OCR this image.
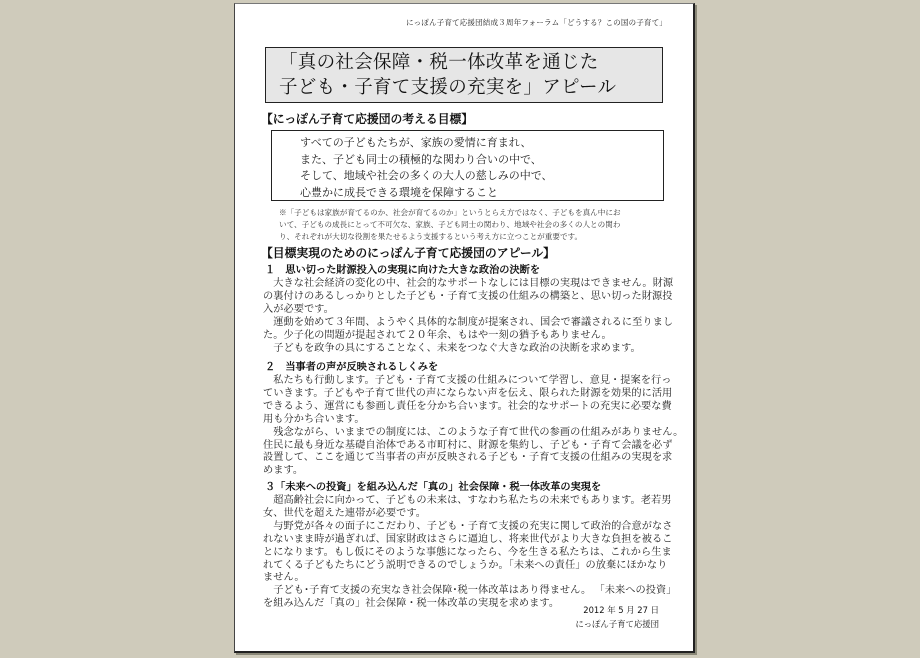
にっぽん子育て応援団結成３周年フォーラム「どうする？この国の子育て」
「真の社会保障・税一体改革を通じた
子ども・子育て支援の充実を」アピール
【にっぽん子育て応援団の考える目標】
すべての子どもたちが、家族の愛情に育まれ、
また、子ども同士の積極的な関わり合いの中で、
そして、地域や社会の多くの大人の慈しみの中で、
心豊かに成長できる環境を保障すること
※「子どもは家族が育てるのか、社会が育てるのか」というとらえ方ではなく、子どもを真ん中にお
いて、子どもの成長にとって不可欠な、家族、子ども同士の関わり、地域や社会の多くの人との関わ
り、それぞれが大切な役割を果たせるよう支援するという考え方に立つことが重要です。
【目標実現のためのにっぽん子育て応援団のアピール】
１　思い切った財源投入の実現に向けた大きな政治の決断を
　大きな社会経済の変化の中、社会的なサポートなしには目標の実現はできません。財源
の裏付けのあるしっかりとした子ども・子育て支援の仕組みの構築と、思い切った財源投
入が必要です。
　運動を始めて３年間、ようやく具体的な制度が提案され、国会で審議されるに至りまし
た。少子化の問題が提起されて２０年余、もはや一刻の猶予もありません。
　子どもを政争の具にすることなく、未来をつなぐ大きな政治の決断を求めます。
２　当事者の声が反映されるしくみを
　私たちも行動します。子ども・子育て支援の仕組みについて学習し、意見・提案を行っ
ていきます。子どもや子育て世代の声にならない声を伝え、限られた財源を効果的に活用
できるよう、運営にも参画し責任を分かち合います。社会的なサポートの充実に必要な費
用も分かち合います。
　残念ながら、いままでの制度には、このような子育て世代の参画の仕組みがありません。
住民に最も身近な基礎自治体である市町村に、財源を集約し、子ども・子育て会議を必ず
設置して、ここを通じて当事者の声が反映される子ども・子育て支援の仕組みの実現を求
めます。
３「未来への投資」を組み込んだ「真の」社会保障・税一体改革の実現を
　超高齢社会に向かって、子どもの未来は、すなわち私たちの未来でもあります。老若男
女、世代を超えた連帯が必要です。
　与野党が各々の面子にこだわり、子ども・子育て支援の充実に関して政治的合意がなさ
れないまま時が過ぎれば、国家財政はさらに逼迫し、将来世代がより大きな負担を被るこ
とになります。もし仮にそのような事態になったら、今を生きる私たちは、これから生ま
れてくる子どもたちにどう説明できるのでしょうか。「未来への責任」の放棄にほかなり
ません。
　子ども･子育て支援の充実なき社会保障･税一体改革はあり得ません。 「未来への投資」
を組み込んだ「真の」社会保障・税一体改革の実現を求めます。
2012 年 5 月 27 日
にっぽん子育て応援団
